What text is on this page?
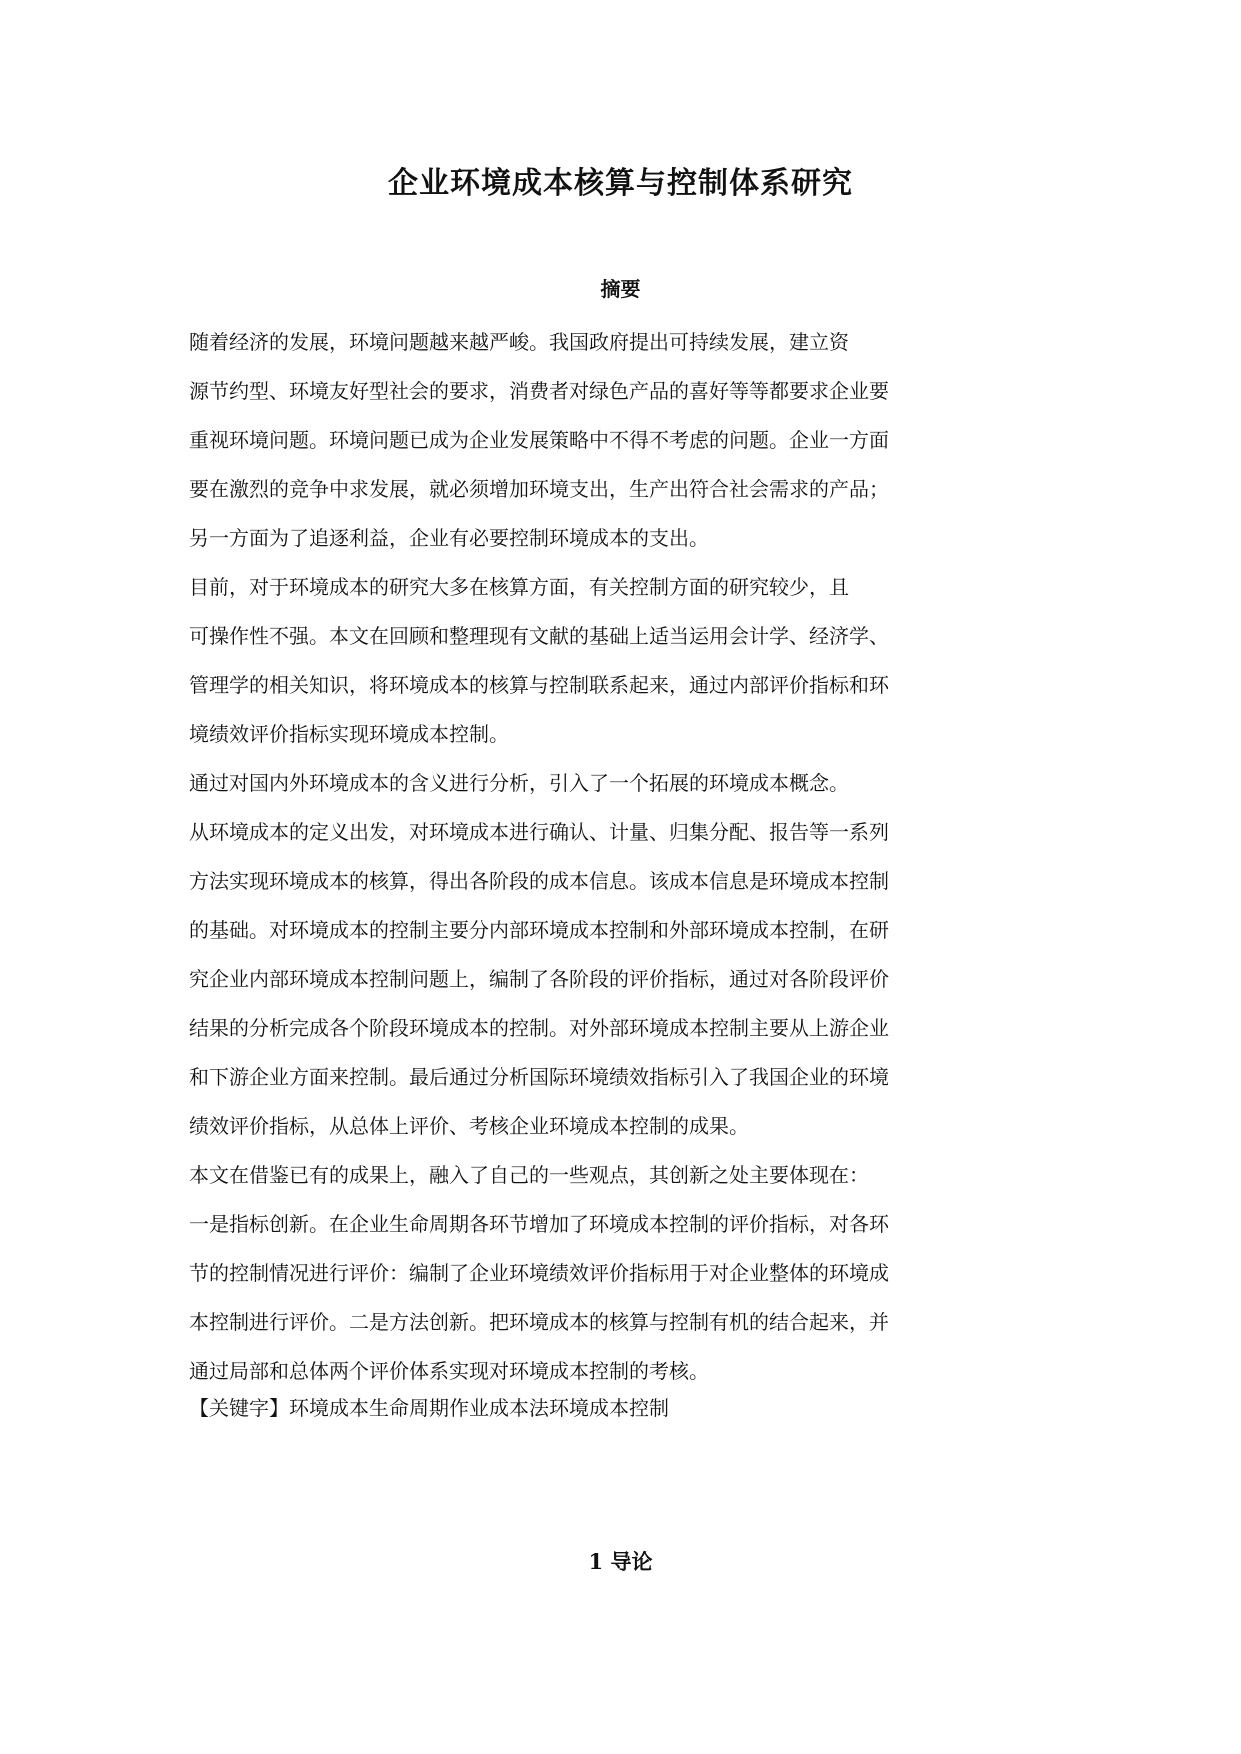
企业环境成本核算与控制体系研究
摘要
随着经济的发展，环境问题越来越严峻。我国政府提出可持续发展，建立资
源节约型、环境友好型社会的要求，消费者对绿色产品的喜好等等都要求企业要
重视环境问题。环境问题已成为企业发展策略中不得不考虑的问题。企业一方面
要在激烈的竞争中求发展，就必须增加环境支出，生产出符合社会需求的产品；
另一方面为了追逐利益，企业有必要控制环境成本的支出。
目前，对于环境成本的研究大多在核算方面，有关控制方面的研究较少，且
可操作性不强。本文在回顾和整理现有文献的基础上适当运用会计学、经济学、
管理学的相关知识，将环境成本的核算与控制联系起来，通过内部评价指标和环
境绩效评价指标实现环境成本控制。
通过对国内外环境成本的含义进行分析，引入了一个拓展的环境成本概念。
从环境成本的定义出发，对环境成本进行确认、计量、归集分配、报告等一系列
方法实现环境成本的核算，得出各阶段的成本信息。该成本信息是环境成本控制
的基础。对环境成本的控制主要分内部环境成本控制和外部环境成本控制，在研
究企业内部环境成本控制问题上，编制了各阶段的评价指标，通过对各阶段评价
结果的分析完成各个阶段环境成本的控制。对外部环境成本控制主要从上游企业
和下游企业方面来控制。最后通过分析国际环境绩效指标引入了我国企业的环境
绩效评价指标，从总体上评价、考核企业环境成本控制的成果。
本文在借鉴已有的成果上，融入了自己的一些观点，其创新之处主要体现在：
一是指标创新。在企业生命周期各环节增加了环境成本控制的评价指标，对各环
节的控制情况进行评价：编制了企业环境绩效评价指标用于对企业整体的环境成
本控制进行评价。二是方法创新。把环境成本的核算与控制有机的结合起来，并
通过局部和总体两个评价体系实现对环境成本控制的考核。

【关键字】环境成本生命周期作业成本法环境成本控制

1 导论
